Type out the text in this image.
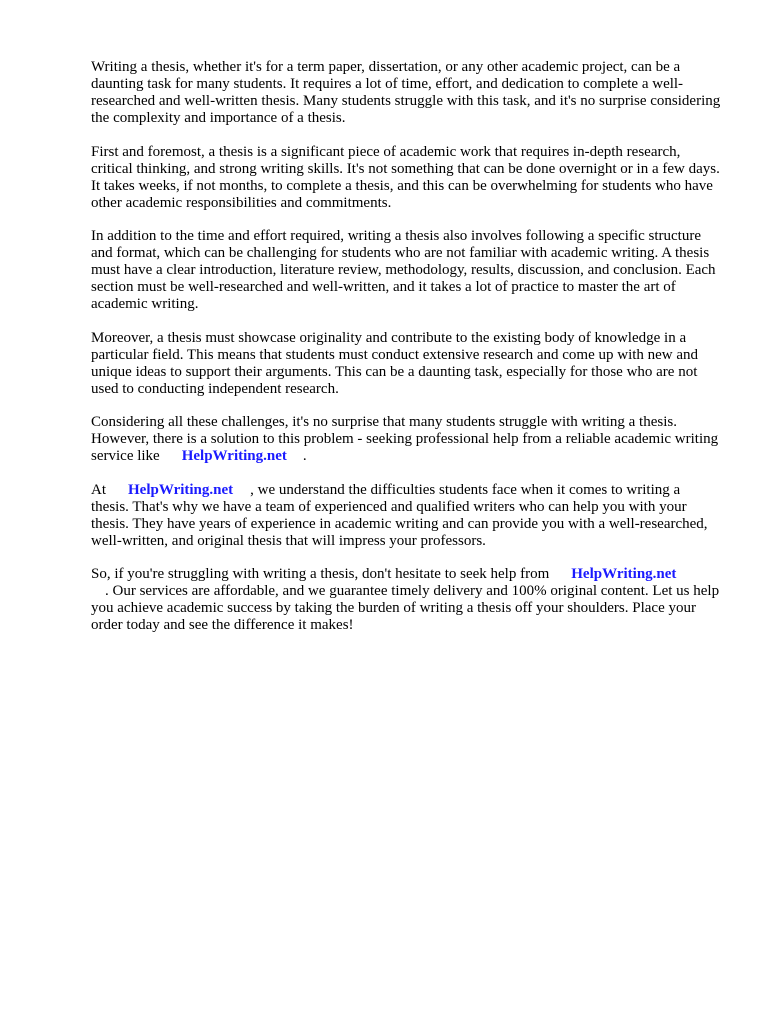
Writing a thesis, whether it's for a term paper, dissertation, or any other academic project, can be a daunting task for many students. It requires a lot of time, effort, and dedication to complete a well-researched and well-written thesis. Many students struggle with this task, and it's no surprise considering the complexity and importance of a thesis.

First and foremost, a thesis is a significant piece of academic work that requires in-depth research, critical thinking, and strong writing skills. It's not something that can be done overnight or in a few days. It takes weeks, if not months, to complete a thesis, and this can be overwhelming for students who have other academic responsibilities and commitments.

In addition to the time and effort required, writing a thesis also involves following a specific structure and format, which can be challenging for students who are not familiar with academic writing. A thesis must have a clear introduction, literature review, methodology, results, discussion, and conclusion. Each section must be well-researched and well-written, and it takes a lot of practice to master the art of academic writing.

Moreover, a thesis must showcase originality and contribute to the existing body of knowledge in a particular field. This means that students must conduct extensive research and come up with new and unique ideas to support their arguments. This can be a daunting task, especially for those who are not used to conducting independent research.

Considering all these challenges, it's no surprise that many students struggle with writing a thesis. However, there is a solution to this problem - seeking professional help from a reliable academic writing service like HelpWriting.net .

At HelpWriting.net , we understand the difficulties students face when it comes to writing a thesis. That's why we have a team of experienced and qualified writers who can help you with your thesis. They have years of experience in academic writing and can provide you with a well-researched, well-written, and original thesis that will impress your professors.

So, if you're struggling with writing a thesis, don't hesitate to seek help from HelpWriting.net
. Our services are affordable, and we guarantee timely delivery and 100% original content. Let us help you achieve academic success by taking the burden of writing a thesis off your shoulders. Place your order today and see the difference it makes!
